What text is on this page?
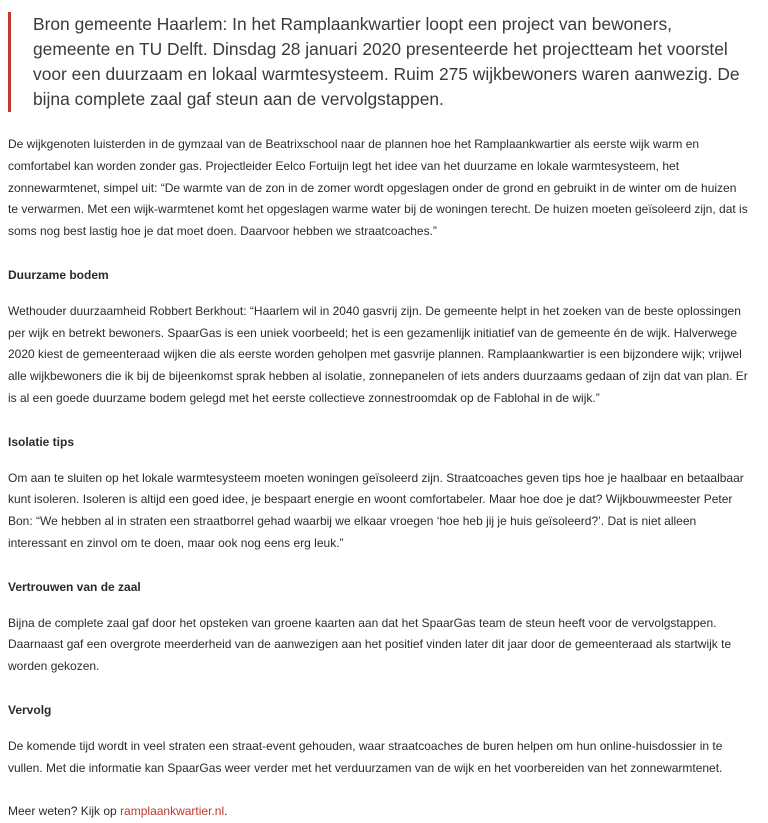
Bron gemeente Haarlem: In het Ramplaankwartier loopt een project van bewoners, gemeente en TU Delft. Dinsdag 28 januari 2020 presenteerde het projectteam het voorstel voor een duurzaam en lokaal warmtesysteem. Ruim 275 wijkbewoners waren aanwezig. De bijna complete zaal gaf steun aan de vervolgstappen.

De wijkgenoten luisterden in de gymzaal van de Beatrixschool naar de plannen hoe het Ramplaankwartier als eerste wijk warm en comfortabel kan worden zonder gas. Projectleider Eelco Fortuijn legt het idee van het duurzame en lokale warmtesysteem, het zonnewarmtenet, simpel uit: “De warmte van de zon in de zomer wordt opgeslagen onder de grond en gebruikt in de winter om de huizen te verwarmen. Met een wijk-warmtenet komt het opgeslagen warme water bij de woningen terecht. De huizen moeten geïsoleerd zijn, dat is soms nog best lastig hoe je dat moet doen. Daarvoor hebben we straatcoaches.”

Duurzame bodem

Wethouder duurzaamheid Robbert Berkhout: “Haarlem wil in 2040 gasvrij zijn. De gemeente helpt in het zoeken van de beste oplossingen per wijk en betrekt bewoners. SpaarGas is een uniek voorbeeld; het is een gezamenlijk initiatief van de gemeente én de wijk. Halverwege 2020 kiest de gemeenteraad wijken die als eerste worden geholpen met gasvrije plannen. Ramplaankwartier is een bijzondere wijk; vrijwel alle wijkbewoners die ik bij de bijeenkomst sprak hebben al isolatie, zonnepanelen of iets anders duurzaams gedaan of zijn dat van plan. Er is al een goede duurzame bodem gelegd met het eerste collectieve zonnestroomdak op de Fablohal in de wijk.”

Isolatie tips

Om aan te sluiten op het lokale warmtesysteem moeten woningen geïsoleerd zijn. Straatcoaches geven tips hoe je haalbaar en betaalbaar kunt isoleren. Isoleren is altijd een goed idee, je bespaart energie en woont comfortabeler. Maar hoe doe je dat? Wijkbouwmeester Peter Bon: “We hebben al in straten een straatborrel gehad waarbij we elkaar vroegen ‘hoe heb jij je huis geïsoleerd?’. Dat is niet alleen interessant en zinvol om te doen, maar ook nog eens erg leuk.”

Vertrouwen van de zaal

Bijna de complete zaal gaf door het opsteken van groene kaarten aan dat het SpaarGas team de steun heeft voor de vervolgstappen. Daarnaast gaf een overgrote meerderheid van de aanwezigen aan het positief vinden later dit jaar door de gemeenteraad als startwijk te worden gekozen.

Vervolg

De komende tijd wordt in veel straten een straat-event gehouden, waar straatcoaches de buren helpen om hun online-huisdossier in te vullen. Met die informatie kan SpaarGas weer verder met het verduurzamen van de wijk en het voorbereiden van het zonnewarmtenet.

Meer weten? Kijk op ramplaankwartier.nl.
